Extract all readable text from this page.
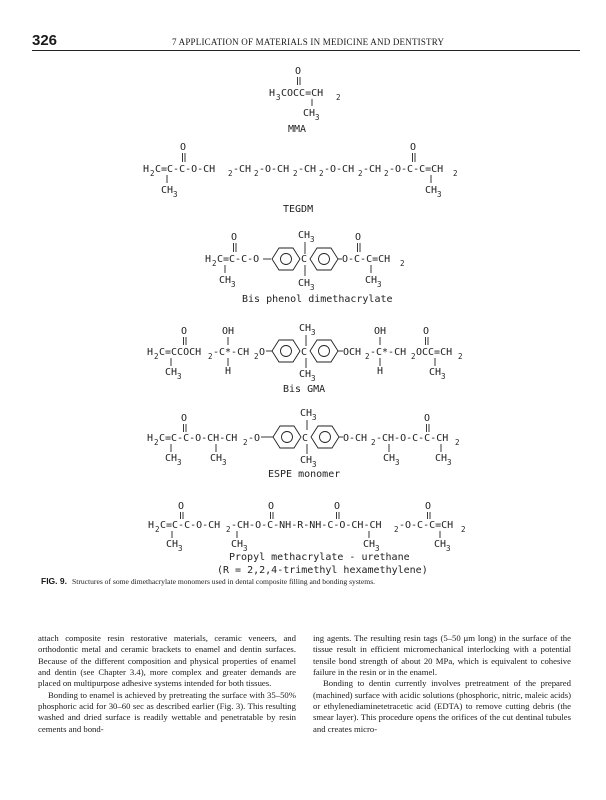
326	7 APPLICATION OF MATERIALS IN MEDICINE AND DENTISTRY
O
H 3 COCC=CH 2
CH 3
MMA
O	O
H 2 C=C-C-O-CH 2 -CH 2 -O-CH 2 -CH 2 -O-CH 2 -CH 2 -O-C-C=CH 2
CH 3	CH 3
TEGDM
O	O
CH 3
H 2 C=C-C-O	C	O-C-C=CH 2
CH 3	CH 3
CH 3
Bis phenol dimethacrylate
O	OH	CH 3	OH	O
H 2 C=CCOCH 2 -C*-CH 2 O	C	OCH 2 -C*-CH 2 OCC=CH 2
CH 3	H	CH 3
H	CH 3
Bis GMA
O	CH 3	O
H 2 C=C-C-O-CH-CH 2 -O	C	O-CH 2 -CH-O-C-C-CH 2
CH 3	CH 3	CH 3
CH 3	CH 3
ESPE monomer
O	O	O	O
H 2 C=C-C-O-CH 2 -CH-O-C-NH-R-NH-C-O-CH-CH 2 -O-C-C=CH 2
CH 3	CH 3	CH 3	CH 3
Propyl methacrylate - urethane
(R = 2,2,4-trimethyl hexamethylene)
FIG. 9. Structures of some dimethacrylate monomers used in dental composite filling and bonding systems.

attach composite resin restorative materials, ceramic veneers, and orthodontic metal and ceramic brackets to enamel and dentin surfaces. Because of the different composition and physical properties of enamel and dentin (see Chapter 3.4), more complex and greater demands are placed on multipurpose adhesive systems intended for both tissues.

Bonding to enamel is achieved by pretreating the surface with 35–50% phosphoric acid for 30–60 sec as described earlier (Fig. 3). This resulting washed and dried surface is readily wettable and penetratable by resin cements and bond-

ing agents. The resulting resin tags (5–50 μm long) in the surface of the tissue result in efficient micromechanical interlocking with a potential tensile bond strength of about 20 MPa, which is equivalent to cohesive failure in the resin or in the enamel.

Bonding to dentin currently involves pretreatment of the prepared (machined) surface with acidic solutions (phosphoric, nitric, maleic acids) or ethylenediaminetetracetic acid (EDTA) to remove cutting debris (the smear layer). This procedure opens the orifices of the cut dentinal tubules and creates micro-
